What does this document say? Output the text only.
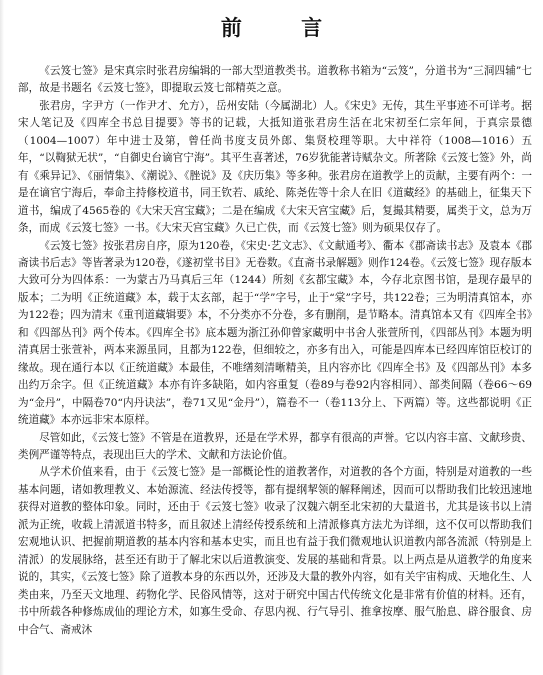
前 言

《云笈七签》是宋真宗时张君房编辑的一部大型道教类书。道教称书箱为“云笈”，分道书为“三洞四辅”七部，故是书题名《云笈七签》，即提取云笈七部精英之意。

张君房，字尹方（一作尹才、允方），岳州安陆（今属湖北）人。《宋史》无传，其生平事迹不可详考。据宋人笔记及《四库全书总目提要》等书的记载，大抵知道张君房生活在北宋初至仁宗年间，于真宗景德（1004—1007）年中进士及第，曾任尚书度支员外郎、集贤校理等职。大中祥符（1008—1016）五年，“以鞫狱无状”，“自御史台谪官宁海”。其平生喜著述，76岁犹能著诗赋杂文。所著除《云笈七签》外，尚有《乘异记》、《丽情集》、《潮说》、《脞说》及《庆历集》等多种。张君房在道教学上的贡献，主要有两个：一是在谪官宁海后，奉命主持修校道书，同王钦若、戚纶、陈尧佐等十余人在旧《道藏经》的基础上，征集天下道书，编成了4565卷的《大宋天宫宝藏》；二是在编成《大宋天宫宝藏》后，复撮其精要，属类于文，总为万条，而成《云笈七签》一书。《大宋天宫宝藏》久已亡佚，而《云笈七签》则为硕果仅存了。

《云笈七签》按张君房自序，原为120卷，《宋史·艺文志》、《文献通考》、衢本《郡斋读书志》及袁本《郡斋读书后志》等皆著录为120卷，《遂初堂书目》无卷数。《直斋书录解题》则作124卷。《云笈七签》现存版本大致可分为四体系：一为蒙古乃马真后三年（1244）所刻《玄都宝藏》本，今存北京图书馆，是现存最早的版本；二为明《正统道藏》本，载于太玄部，起于“学”字号，止于“棠”字号，共122卷；三为明清真馆本，亦为122卷；四为清末《重刊道藏辑要》本，不分类亦不分卷，多有删削，是节略本。清真馆本又有《四库全书》和《四部丛刊》两个传本。《四库全书》底本题为浙江孙仰曾家藏明中书舍人张萱所刊，《四部丛刊》本题为明清真居士张萱补，两本来源虽同，且都为122卷，但细较之，亦多有出入，可能是四库本已经四库馆臣校订的缘故。现在通行本以《正统道藏》本最佳，不唯缮刻清晰精美，且内容亦比《四库全书》及《四部丛刊》本多出约万余字。但《正统道藏》本亦有许多缺陷，如内容重复（卷89与卷92内容相同）、部类间隔（卷66～69为“金丹”，中隔卷70“内丹诀法”，卷71又见“金丹”），篇卷不一（卷113分上、下两篇）等。这些都说明《正统道藏》本亦远非宋本原样。

尽管如此，《云笈七签》不管是在道教界，还是在学术界，都享有很高的声誉。它以内容丰富、文献珍贵、类例严谨等特点，表现出巨大的学术、文献和方法论价值。

从学术价值来看，由于《云笈七签》是一部概论性的道教著作，对道教的各个方面，特别是对道教的一些基本问题，诸如教理教义、本始源流、经法传授等，都有提纲挈领的解释阐述，因而可以帮助我们比较迅速地获得对道教的整体印象。同时，还由于《云笈七签》收录了汉魏六朝至北宋初的大量道书，尤其是该书以上清派为正统，收载上清派道书特多，而且叙述上清经传授系统和上清派修真方法尤为详细，这不仅可以帮助我们宏观地认识、把握前期道教的基本内容和基本史实，而且也有益于我们微观地认识道教内部各流派（特别是上清派）的发展脉络，甚至还有助于了解北宋以后道教演变、发展的基础和背景。以上两点是从道教学的角度来说的，其实，《云笈七签》除了道教本身的东西以外，还涉及大量的教外内容，如有关宇宙构成、天地化生、人类由来，乃至天文地理、药物化学、民俗风情等，这对于研究中国古代传统文化是非常有价值的材料。还有，书中所载各种修炼成仙的理论方术，如寡生受命、存思内视、行气导引、推拿按摩、服气胎息、辟谷服食、房中合气、斋戒沐
